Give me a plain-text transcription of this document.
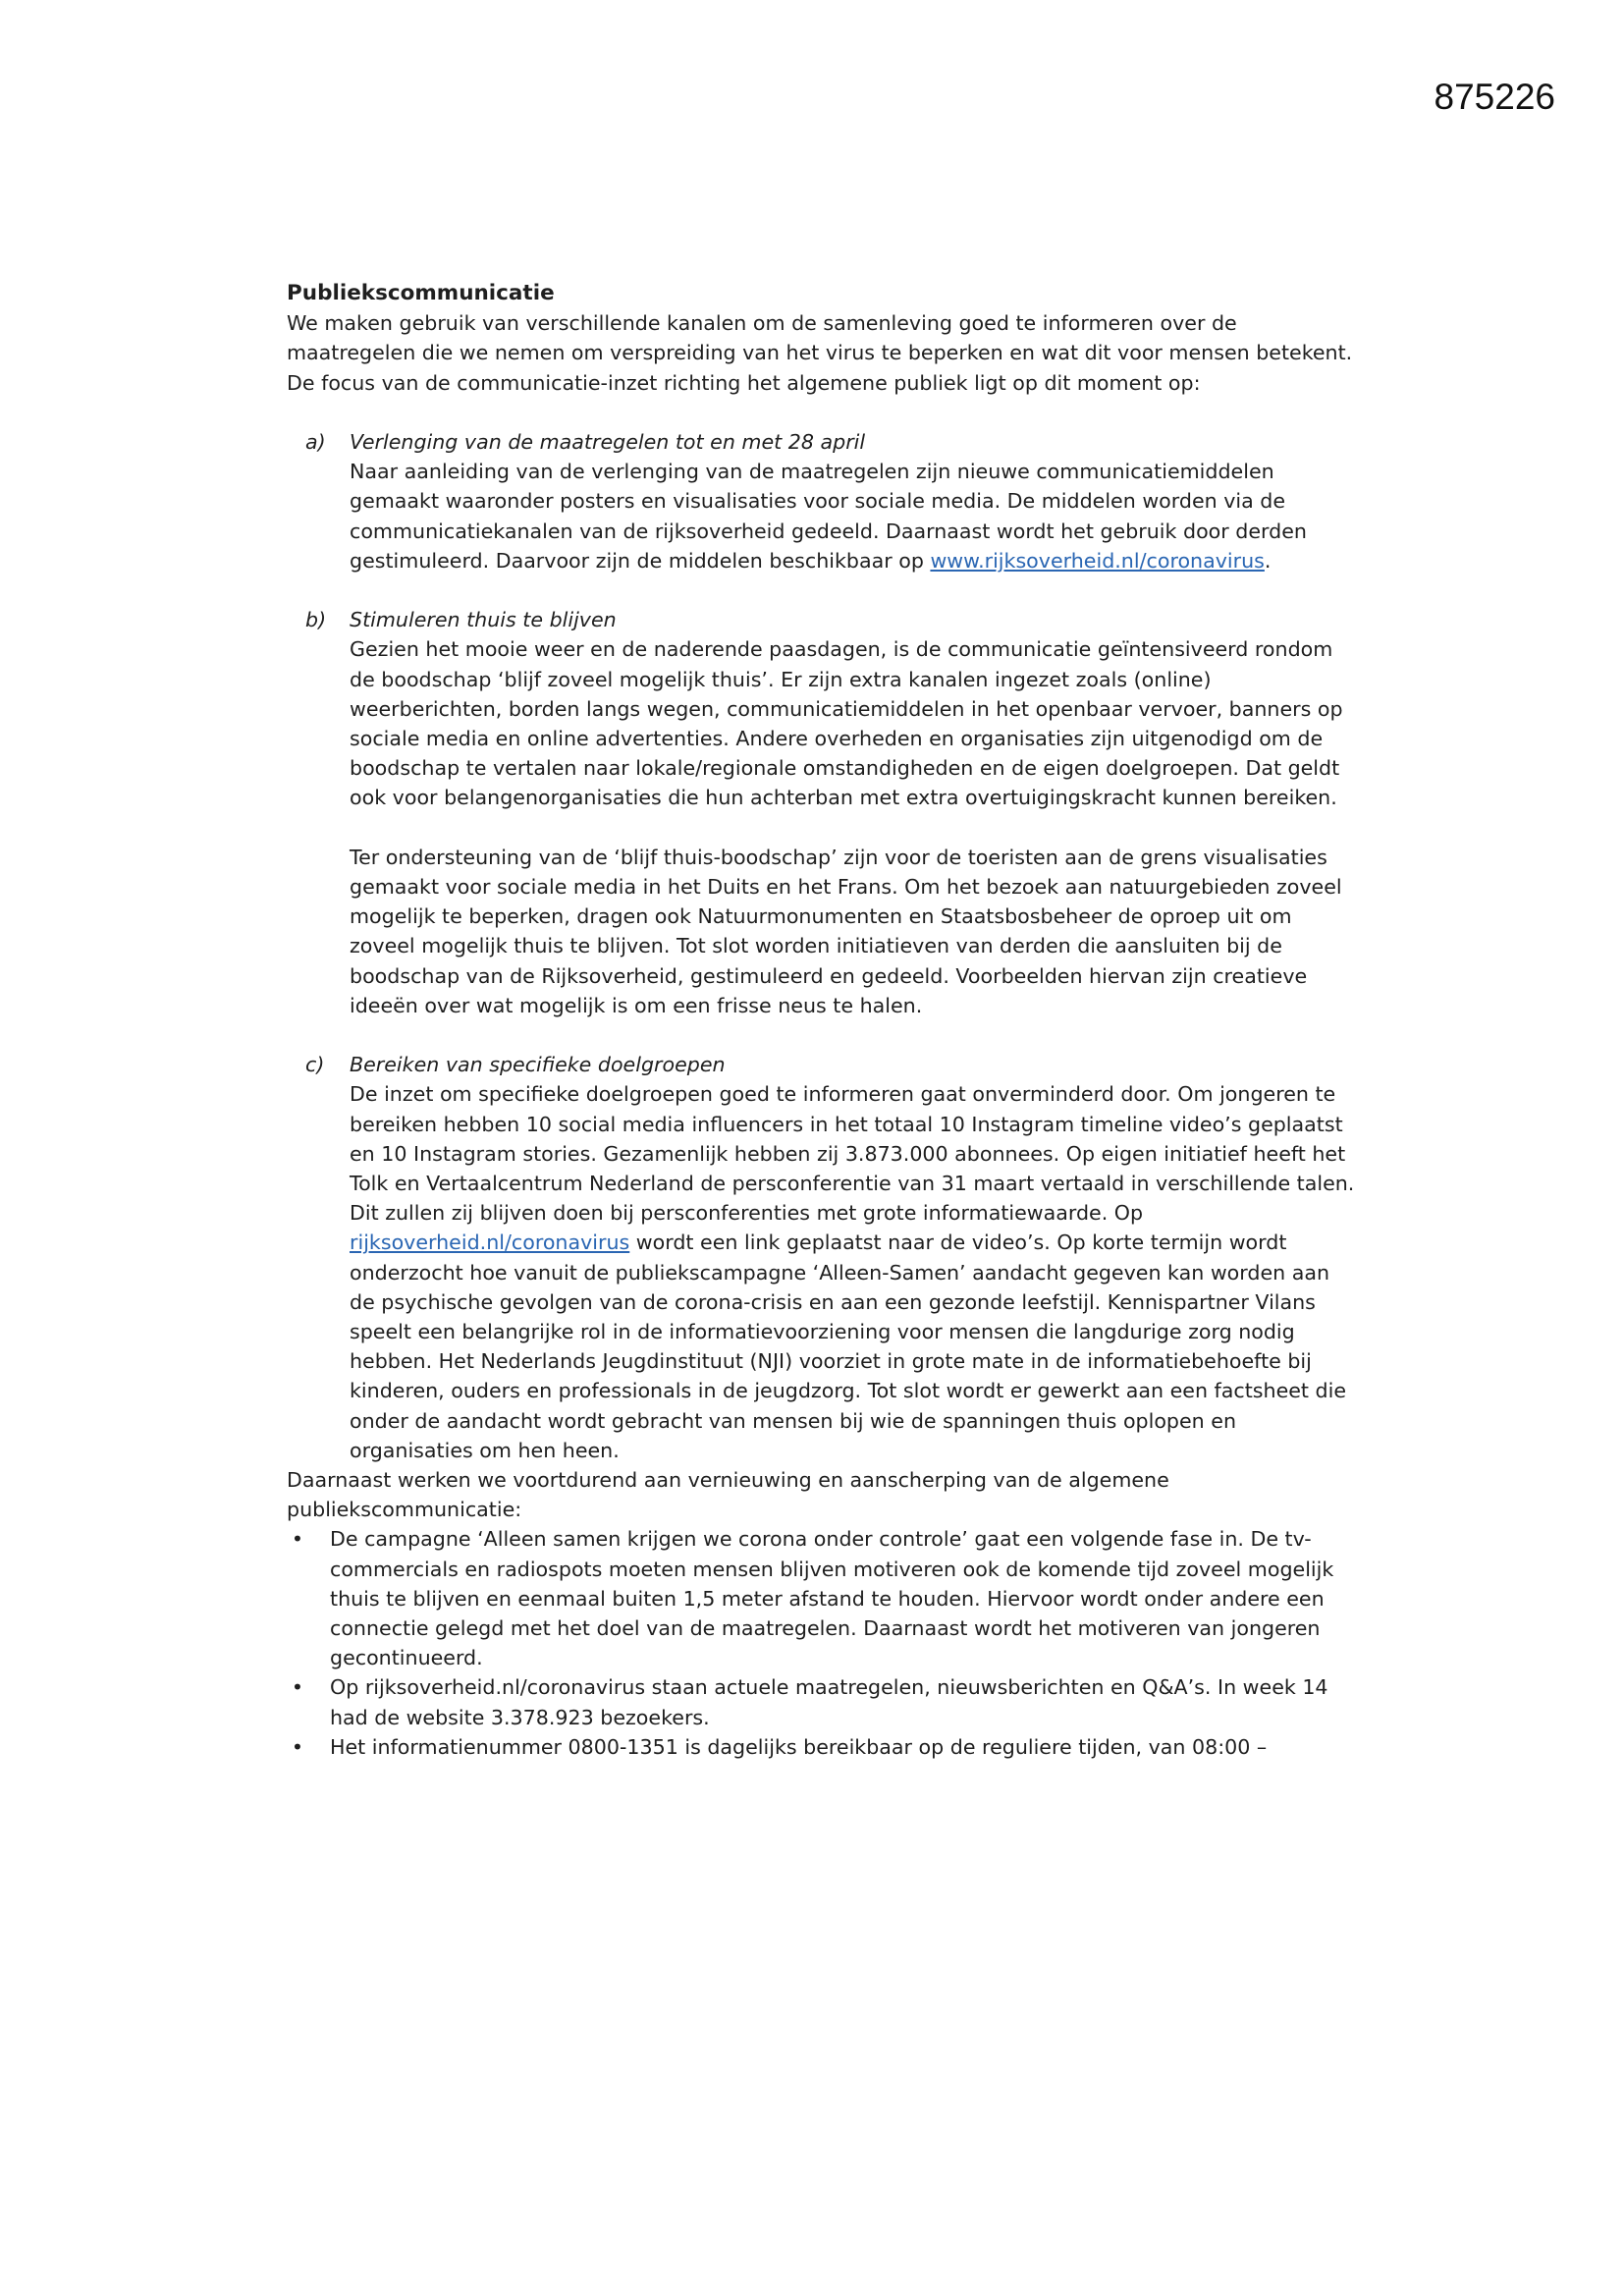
875226

Publiekscommunicatie

We maken gebruik van verschillende kanalen om de samenleving goed te informeren over de maatregelen die we nemen om verspreiding van het virus te beperken en wat dit voor mensen betekent. De focus van de communicatie-inzet richting het algemene publiek ligt op dit moment op:

a) Verlenging van de maatregelen tot en met 28 april

Naar aanleiding van de verlenging van de maatregelen zijn nieuwe communicatiemiddelen gemaakt waaronder posters en visualisaties voor sociale media. De middelen worden via de communicatiekanalen van de rijksoverheid gedeeld. Daarnaast wordt het gebruik door derden gestimuleerd. Daarvoor zijn de middelen beschikbaar op www.rijksoverheid.nl/coronavirus.

b) Stimuleren thuis te blijven

Gezien het mooie weer en de naderende paasdagen, is de communicatie geïntensiveerd rondom de boodschap ‘blijf zoveel mogelijk thuis’. Er zijn extra kanalen ingezet zoals (online) weerberichten, borden langs wegen, communicatiemiddelen in het openbaar vervoer, banners op sociale media en online advertenties. Andere overheden en organisaties zijn uitgenodigd om de boodschap te vertalen naar lokale/regionale omstandigheden en de eigen doelgroepen. Dat geldt ook voor belangenorganisaties die hun achterban met extra overtuigingskracht kunnen bereiken.

Ter ondersteuning van de ‘blijf thuis-boodschap’ zijn voor de toeristen aan de grens visualisaties gemaakt voor sociale media in het Duits en het Frans. Om het bezoek aan natuurgebieden zoveel mogelijk te beperken, dragen ook Natuurmonumenten en Staatsbosbeheer de oproep uit om zoveel mogelijk thuis te blijven. Tot slot worden initiatieven van derden die aansluiten bij de boodschap van de Rijksoverheid, gestimuleerd en gedeeld. Voorbeelden hiervan zijn creatieve ideeën over wat mogelijk is om een frisse neus te halen.

c) Bereiken van specifieke doelgroepen

De inzet om specifieke doelgroepen goed te informeren gaat onverminderd door. Om jongeren te bereiken hebben 10 social media influencers in het totaal 10 Instagram timeline video’s geplaatst en 10 Instagram stories. Gezamenlijk hebben zij 3.873.000 abonnees. Op eigen initiatief heeft het Tolk en Vertaalcentrum Nederland de persconferentie van 31 maart vertaald in verschillende talen. Dit zullen zij blijven doen bij persconferenties met grote informatiewaarde. Op rijksoverheid.nl/coronavirus wordt een link geplaatst naar de video’s. Op korte termijn wordt onderzocht hoe vanuit de publiekscampagne ‘Alleen-Samen’ aandacht gegeven kan worden aan de psychische gevolgen van de corona-crisis en aan een gezonde leefstijl. Kennispartner Vilans speelt een belangrijke rol in de informatievoorziening voor mensen die langdurige zorg nodig hebben. Het Nederlands Jeugdinstituut (NJI) voorziet in grote mate in de informatiebehoefte bij kinderen, ouders en professionals in de jeugdzorg. Tot slot wordt er gewerkt aan een factsheet die onder de aandacht wordt gebracht van mensen bij wie de spanningen thuis oplopen en organisaties om hen heen.

Daarnaast werken we voortdurend aan vernieuwing en aanscherping van de algemene publiekscommunicatie:

• De campagne ‘Alleen samen krijgen we corona onder controle’ gaat een volgende fase in. De tv-commercials en radiospots moeten mensen blijven motiveren ook de komende tijd zoveel mogelijk thuis te blijven en eenmaal buiten 1,5 meter afstand te houden. Hiervoor wordt onder andere een connectie gelegd met het doel van de maatregelen. Daarnaast wordt het motiveren van jongeren gecontinueerd.
• Op rijksoverheid.nl/coronavirus staan actuele maatregelen, nieuwsberichten en Q&A’s. In week 14 had de website 3.378.923 bezoekers.
• Het informatienummer 0800-1351 is dagelijks bereikbaar op de reguliere tijden, van 08:00 –
